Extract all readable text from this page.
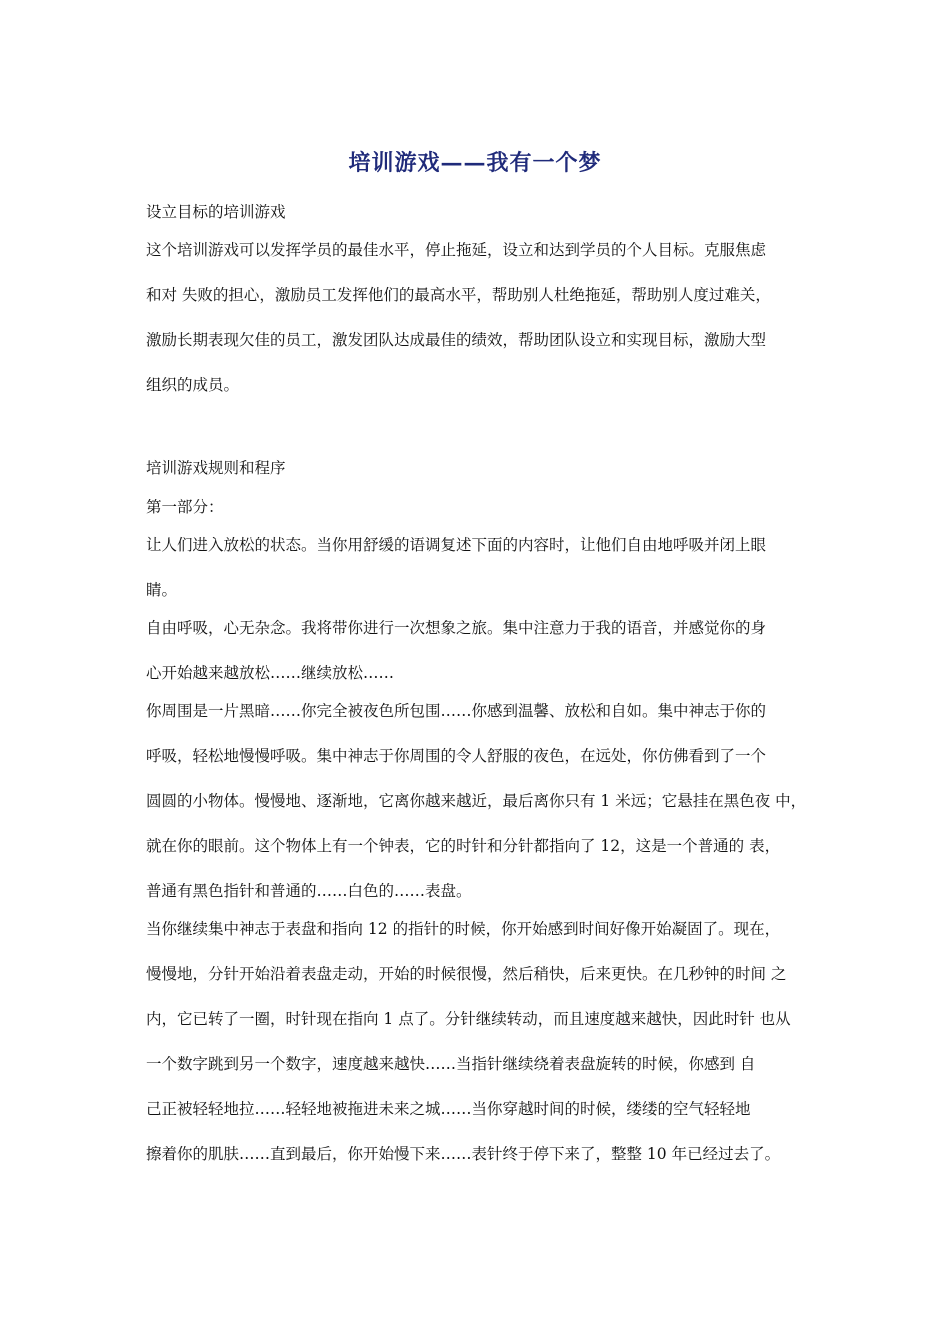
培训游戏——我有一个梦
设立目标的培训游戏
这个培训游戏可以发挥学员的最佳水平，停止拖延，设立和达到学员的个人目标。克服焦虑
和对 失败的担心，激励员工发挥他们的最高水平，帮助别人杜绝拖延，帮助别人度过难关，
激励长期表现欠佳的员工，激发团队达成最佳的绩效，帮助团队设立和实现目标，激励大型
组织的成员。
培训游戏规则和程序
第一部分：
让人们进入放松的状态。当你用舒缓的语调复述下面的内容时，让他们自由地呼吸并闭上眼
睛。
自由呼吸，心无杂念。我将带你进行一次想象之旅。集中注意力于我的语音，并感觉你的身
心开始越来越放松……继续放松……
你周围是一片黑暗……你完全被夜色所包围……你感到温馨、放松和自如。集中神志于你的
呼吸，轻松地慢慢呼吸。集中神志于你周围的令人舒服的夜色，在远处，你仿佛看到了一个
圆圆的小物体。慢慢地、逐渐地，它离你越来越近，最后离你只有 1 米远；它悬挂在黑色夜 中，
就在你的眼前。这个物体上有一个钟表，它的时针和分针都指向了 12，这是一个普通的 表，
普通有黑色指针和普通的……白色的……表盘。
当你继续集中神志于表盘和指向 12 的指针的时候，你开始感到时间好像开始凝固了。现在，
慢慢地，分针开始沿着表盘走动，开始的时候很慢，然后稍快，后来更快。在几秒钟的时间 之
内，它已转了一圈，时针现在指向 1 点了。分针继续转动，而且速度越来越快，因此时针 也从
一个数字跳到另一个数字，速度越来越快……当指针继续绕着表盘旋转的时候，你感到 自
己正被轻轻地拉……轻轻地被拖进未来之城……当你穿越时间的时候，缕缕的空气轻轻地
擦着你的肌肤……直到最后，你开始慢下来……表针终于停下来了，整整 10 年已经过去了。
